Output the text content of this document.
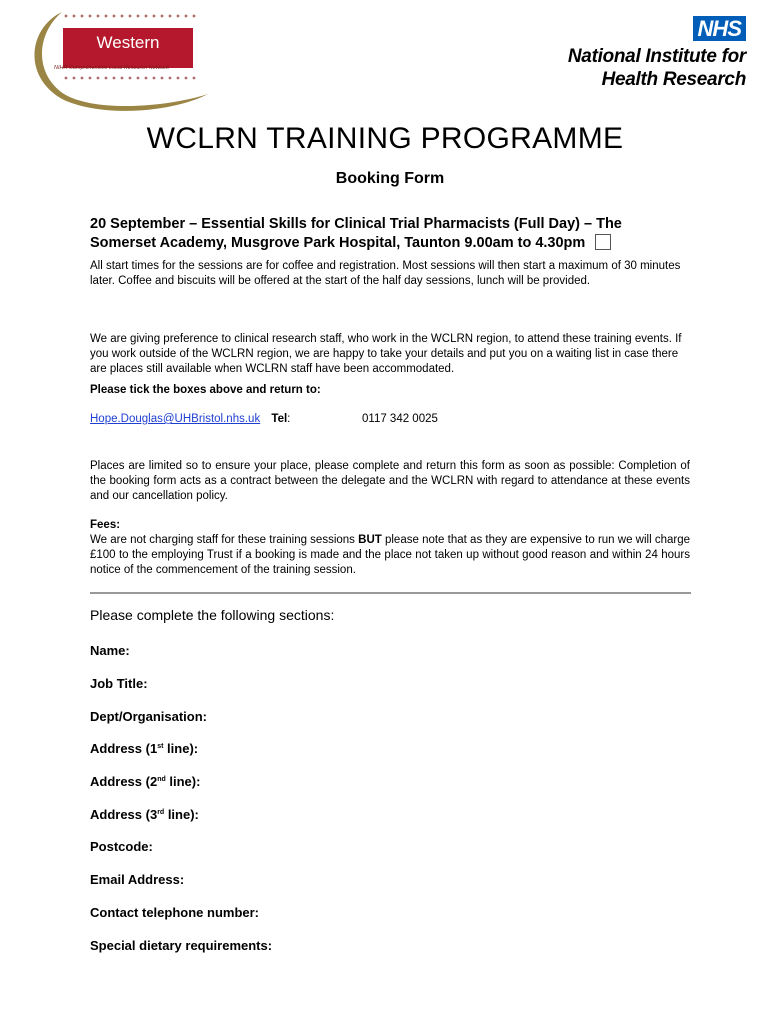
Western
NIHR Comprehensive Local Research Network
NHS
National Institute for
Health Research
WCLRN TRAINING PROGRAMME
Booking Form
20 September – Essential Skills for Clinical Trial Pharmacists (Full Day) – The
Somerset Academy, Musgrove Park Hospital, Taunton 9.00am to 4.30pm
All start times for the sessions are for coffee and registration. Most sessions will then start a maximum of 30 minutes later. Coffee and biscuits will be offered at the start of the half day sessions, lunch will be provided.
We are giving preference to clinical research staff, who work in the WCLRN region, to attend these training events. If you work outside of the WCLRN region, we are happy to take your details and put you on a waiting list in case there are places still available when WCLRN staff have been accommodated.
Please tick the boxes above and return to:
Hope.Douglas@UHBristol.nhs.uk Tel:	0117 342 0025
Places are limited so to ensure your place, please complete and return this form as soon as possible: Completion of the booking form acts as a contract between the delegate and the WCLRN with regard to attendance at these events and our cancellation policy.
Fees:
We are not charging staff for these training sessions BUT please note that as they are expensive to run we will charge £100 to the employing Trust if a booking is made and the place not taken up without good reason and within 24 hours notice of the commencement of the training session.
Please complete the following sections:
Name:
Job Title:
Dept/Organisation:
Address (1st line):
Address (2nd line):
Address (3rd line):
Postcode:
Email Address:
Contact telephone number:
Special dietary requirements:
